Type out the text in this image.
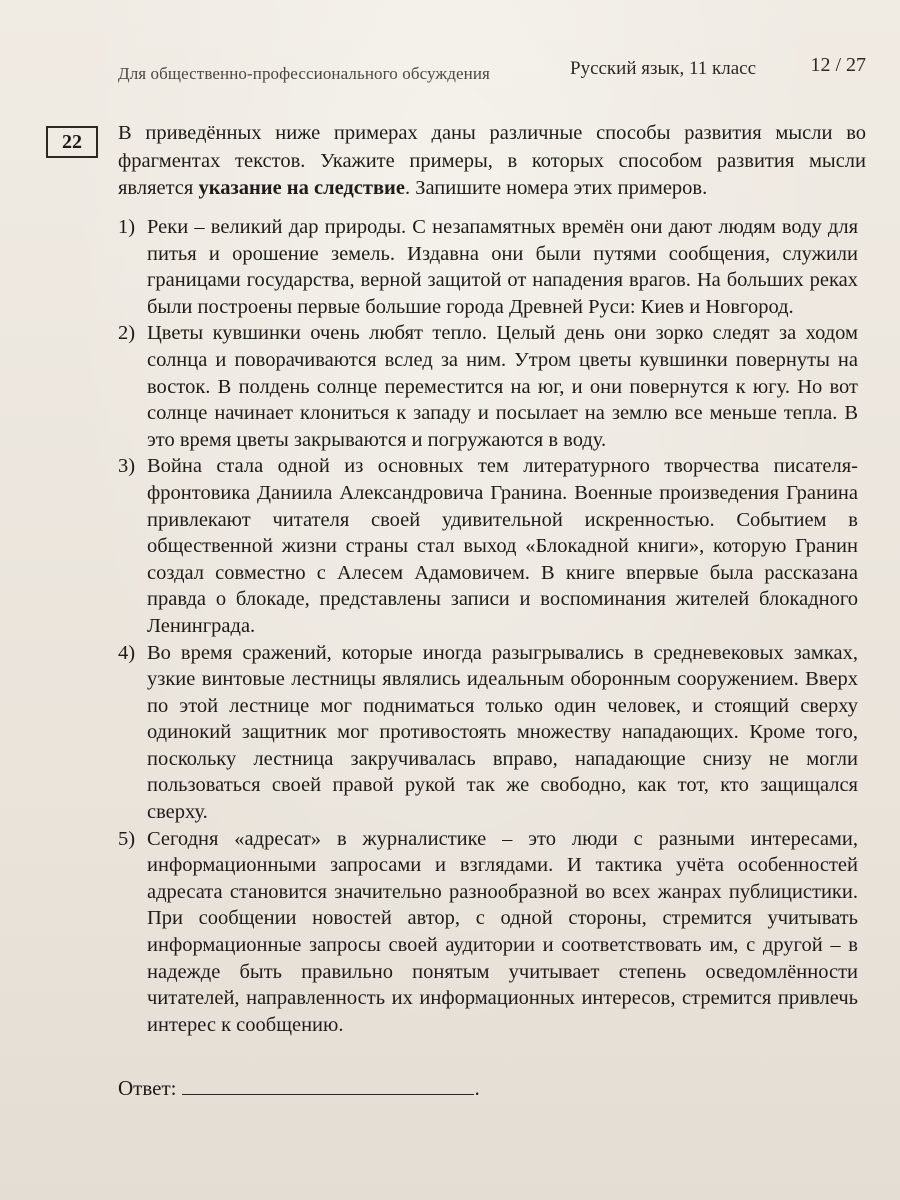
Для общественно-профессионального обсуждения	Русский язык, 11 класс	12 / 27
22	В приведённых ниже примерах даны различные способы развития мысли во фрагментах текстов. Укажите примеры, в которых способом развития мысли является указание на следствие. Запишите номера этих примеров.
1) Реки – великий дар природы. С незапамятных времён они дают людям воду для питья и орошение земель. Издавна они были путями сообщения, служили границами государства, верной защитой от нападения врагов. На больших реках были построены первые большие города Древней Руси: Киев и Новгород.
2) Цветы кувшинки очень любят тепло. Целый день они зорко следят за ходом солнца и поворачиваются вслед за ним. Утром цветы кувшинки повернуты на восток. В полдень солнце переместится на юг, и они повернутся к югу. Но вот солнце начинает клониться к западу и посылает на землю все меньше тепла. В это время цветы закрываются и погружаются в воду.
3) Война стала одной из основных тем литературного творчества писателя-фронтовика Даниила Александровича Гранина. Военные произведения Гранина привлекают читателя своей удивительной искренностью. Событием в общественной жизни страны стал выход «Блокадной книги», которую Гранин создал совместно с Алесем Адамовичем. В книге впервые была рассказана правда о блокаде, представлены записи и воспоминания жителей блокадного Ленинграда.
4) Во время сражений, которые иногда разыгрывались в средневековых замках, узкие винтовые лестницы являлись идеальным оборонным сооружением. Вверх по этой лестнице мог подниматься только один человек, и стоящий сверху одинокий защитник мог противостоять множеству нападающих. Кроме того, поскольку лестница закручивалась вправо, нападающие снизу не могли пользоваться своей правой рукой так же свободно, как тот, кто защищался сверху.
5) Сегодня «адресат» в журналистике – это люди с разными интересами, информационными запросами и взглядами. И тактика учёта особенностей адресата становится значительно разнообразной во всех жанрах публицистики. При сообщении новостей автор, с одной стороны, стремится учитывать информационные запросы своей аудитории и соответствовать им, с другой – в надежде быть правильно понятым учитывает степень осведомлённости читателей, направленность их информационных интересов, стремится привлечь интерес к сообщению.
Ответ:	.
